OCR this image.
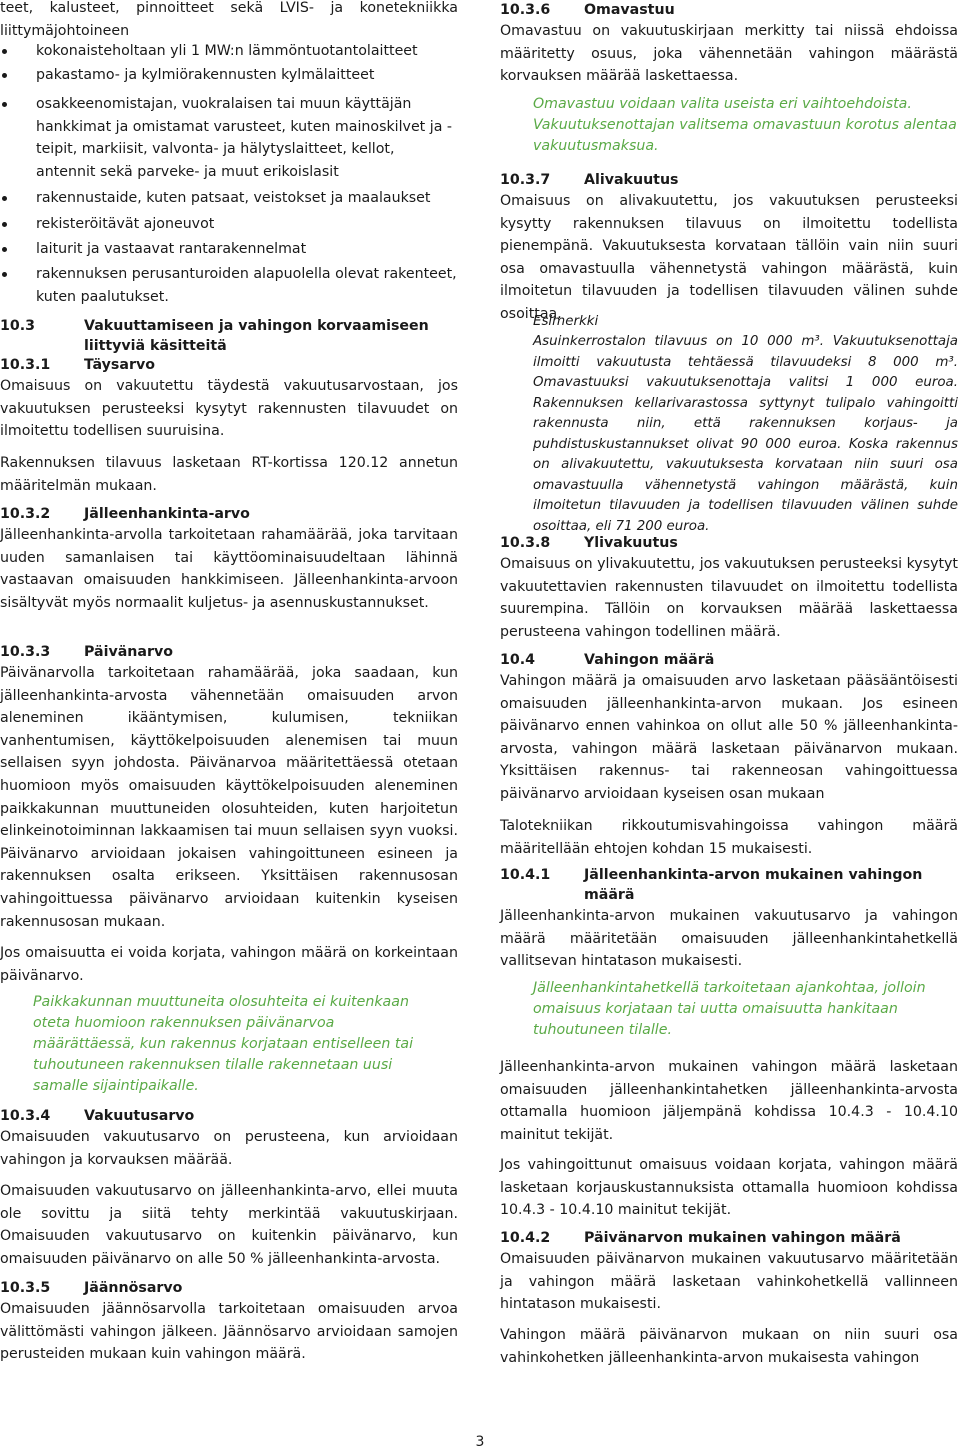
teet, kalusteet, pinnoitteet sekä LVIS- ja konetekniikka liittymäjohtoineen

kokonaisteholtaan yli 1 MW:n lämmöntuotantolaitteet
pakastamo- ja kylmiörakennusten kylmälaitteet
osakkeenomistajan, vuokralaisen tai muun käyttäjän hankkimat ja omistamat varusteet, kuten mainoskilvet ja -teipit, markiisit, valvonta- ja hälytyslaitteet, kellot, antennit sekä parveke- ja muut erikoislasit
rakennustaide, kuten patsaat, veistokset ja maalaukset
rekisteröitävät ajoneuvot
laiturit ja vastaavat rantarakennelmat
rakennuksen perusanturoiden alapuolella olevat rakenteet, kuten paalutukset.
10.3	Vakuuttamiseen ja vahingon korvaamiseen liittyviä käsitteitä
10.3.1	Täysarvo

Omaisuus on vakuutettu täydestä vakuutusarvostaan, jos vakuutuksen perusteeksi kysytyt rakennusten tilavuudet on ilmoitettu todellisen suuruisina.

Rakennuksen tilavuus lasketaan RT-kortissa 120.12 annetun määritelmän mukaan.

10.3.2	Jälleenhankinta-arvo

Jälleenhankinta-arvolla tarkoitetaan rahamäärää, joka tarvitaan uuden samanlaisen tai käyttöominaisuudeltaan lähinnä vastaavan omaisuuden hankkimiseen. Jälleenhankinta-arvoon sisältyvät myös normaalit kuljetus- ja asennuskustannukset.

10.3.3	Päivänarvo

Päivänarvolla tarkoitetaan rahamäärää, joka saadaan, kun jälleenhankinta-arvosta vähennetään omaisuuden arvon aleneminen ikääntymisen, kulumisen, tekniikan vanhentumisen, käyttökelpoisuuden alenemisen tai muun sellaisen syyn johdosta. Päivänarvoa määritettäessä otetaan huomioon myös omaisuuden käyttökelpoisuuden aleneminen paikkakunnan muuttuneiden olosuhteiden, kuten harjoitetun elinkeinotoiminnan lakkaamisen tai muun sellaisen syyn vuoksi. Päivänarvo arvioidaan jokaisen vahingoittuneen esineen ja rakennuksen osalta erikseen. Yksittäisen rakennusosan vahingoittuessa päivänarvo arvioidaan kuitenkin kyseisen rakennusosan mukaan.

Jos omaisuutta ei voida korjata, vahingon määrä on korkeintaan päivänarvo.

Paikkakunnan muuttuneita olosuhteita ei kuitenkaan oteta huomioon rakennuksen päivänarvoa määrättäessä, kun rakennus korjataan entiselleen tai tuhoutuneen rakennuksen tilalle rakennetaan uusi samalle sijaintipaikalle.

10.3.4	Vakuutusarvo

Omaisuuden vakuutusarvo on perusteena, kun arvioidaan vahingon ja korvauksen määrää.

Omaisuuden vakuutusarvo on jälleenhankinta-arvo, ellei muuta ole sovittu ja siitä tehty merkintää vakuutuskirjaan. Omaisuuden vakuutusarvo on kuitenkin päivänarvo, kun omaisuuden päivänarvo on alle 50 % jälleenhankinta-arvosta.

10.3.5	Jäännösarvo

Omaisuuden jäännösarvolla tarkoitetaan omaisuuden arvoa välittömästi vahingon jälkeen. Jäännösarvo arvioidaan samojen perusteiden mukaan kuin vahingon määrä.

10.3.6	Omavastuu

Omavastuu on vakuutuskirjaan merkitty tai niissä ehdoissa määritetty osuus, joka vähennetään vahingon määrästä korvauksen määrää laskettaessa.

Omavastuu voidaan valita useista eri vaihtoehdoista. Vakuutuksenottajan valitsema omavastuun korotus alentaa vakuutusmaksua.

10.3.7	Alivakuutus

Omaisuus on alivakuutettu, jos vakuutuksen perusteeksi kysytty rakennuksen tilavuus on ilmoitettu todellista pienempänä. Vakuutuksesta korvataan tällöin vain niin suuri osa omavastuulla vähennetystä vahingon määrästä, kuin ilmoitetun tilavuuden ja todellisen tilavuuden välinen suhde osoittaa.

Esimerkki

Asuinkerrostalon tilavuus on 10 000 m³. Vakuutuksenottaja ilmoitti vakuutusta tehtäessä tilavuudeksi 8 000 m³. Omavastuuksi vakuutuksenottaja valitsi 1 000 euroa. Rakennuksen kellarivarastossa syttynyt tulipalo vahingoitti rakennusta niin, että rakennuksen korjaus- ja puhdistuskustannukset olivat 90 000 euroa. Koska rakennus on alivakuutettu, vakuutuksesta korvataan niin suuri osa omavastuulla vähennetystä vahingon määrästä, kuin ilmoitetun tilavuuden ja todellisen tilavuuden välinen suhde osoittaa, eli 71 200 euroa.

10.3.8	Ylivakuutus

Omaisuus on ylivakuutettu, jos vakuutuksen perusteeksi kysytyt vakuutettavien rakennusten tilavuudet on ilmoitettu todellista suurempina. Tällöin on korvauksen määrää laskettaessa perusteena vahingon todellinen määrä.

10.4	Vahingon määrä

Vahingon määrä ja omaisuuden arvo lasketaan pääsääntöisesti omaisuuden jälleenhankinta-arvon mukaan. Jos esineen päivänarvo ennen vahinkoa on ollut alle 50 % jälleenhankinta-arvosta, vahingon määrä lasketaan päivänarvon mukaan. Yksittäisen rakennus- tai rakenneosan vahingoittuessa päivänarvo arvioidaan kyseisen osan mukaan

Talotekniikan rikkoutumisvahingoissa vahingon määrä määritellään ehtojen kohdan 15 mukaisesti.

10.4.1	Jälleenhankinta-arvon mukainen vahingon määrä

Jälleenhankinta-arvon mukainen vakuutusarvo ja vahingon määrä määritetään omaisuuden jälleenhankintahetkellä vallitsevan hintatason mukaisesti.

Jälleenhankintahetkellä tarkoitetaan ajankohtaa, jolloin omaisuus korjataan tai uutta omaisuutta hankitaan tuhoutuneen tilalle.

Jälleenhankinta-arvon mukainen vahingon määrä lasketaan omaisuuden jälleenhankintahetken jälleenhankinta-arvosta ottamalla huomioon jäljempänä kohdissa 10.4.3 - 10.4.10 mainitut tekijät.

Jos vahingoittunut omaisuus voidaan korjata, vahingon määrä lasketaan korjauskustannuksista ottamalla huomioon kohdissa 10.4.3 - 10.4.10 mainitut tekijät.

10.4.2	Päivänarvon mukainen vahingon määrä

Omaisuuden päivänarvon mukainen vakuutusarvo määritetään ja vahingon määrä lasketaan vahinkohetkellä vallinneen hintatason mukaisesti.

Vahingon määrä päivänarvon mukaan on niin suuri osa vahinkohetken jälleenhankinta-arvon mukaisesta vahingon

3
